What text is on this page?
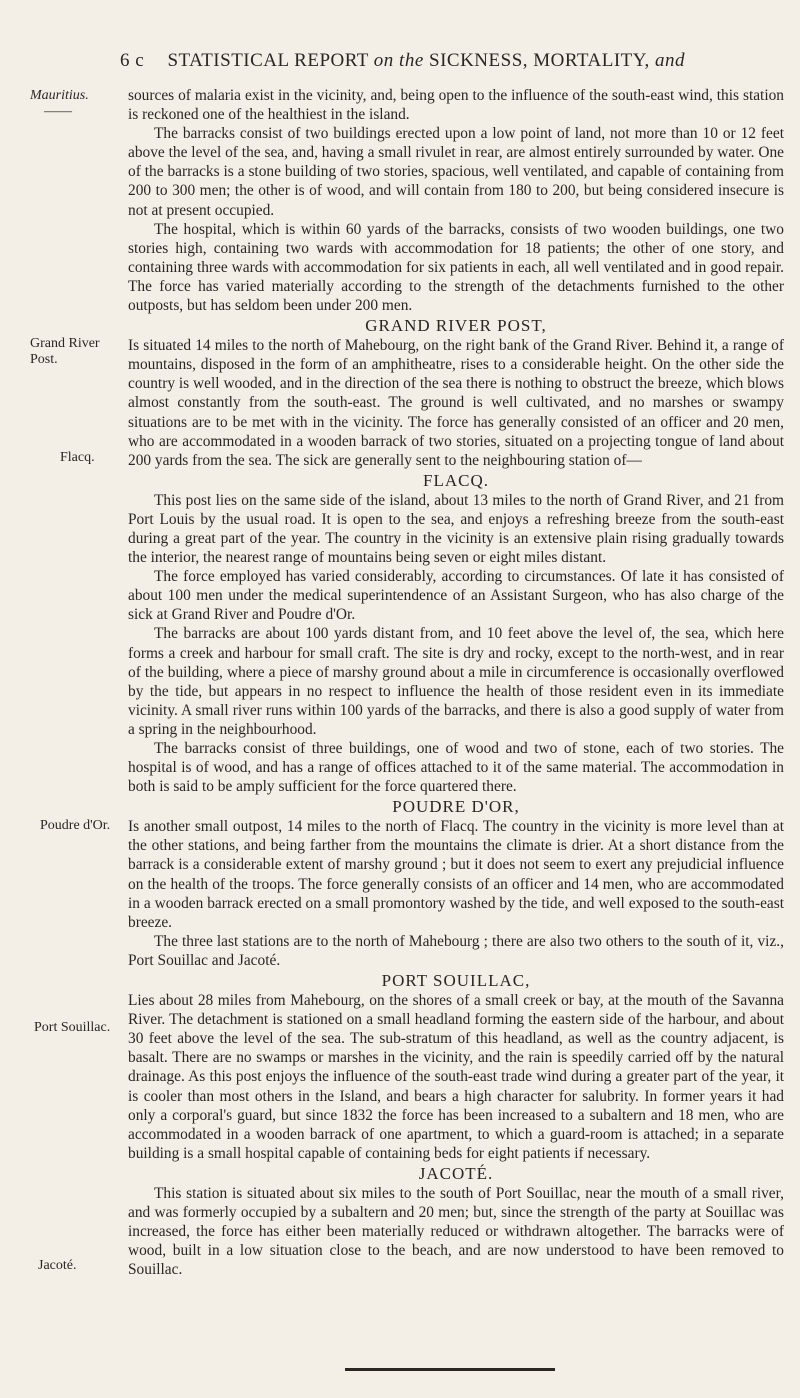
6 c STATISTICAL REPORT on the SICKNESS, MORTALITY, and
Mauritius.
——
Grand River Post.
Flacq.
Poudre d'Or.
Port Souillac.
Jacoté.

sources of malaria exist in the vicinity, and, being open to the influence of the south-east wind, this station is reckoned one of the healthiest in the island.

The barracks consist of two buildings erected upon a low point of land, not more than 10 or 12 feet above the level of the sea, and, having a small rivulet in rear, are almost entirely surrounded by water. One of the barracks is a stone building of two stories, spacious, well ventilated, and capable of containing from 200 to 300 men; the other is of wood, and will contain from 180 to 200, but being considered insecure is not at present occupied.

The hospital, which is within 60 yards of the barracks, consists of two wooden buildings, one two stories high, containing two wards with accommodation for 18 patients; the other of one story, and containing three wards with accommodation for six patients in each, all well ventilated and in good repair. The force has varied materially according to the strength of the detachments furnished to the other outposts, but has seldom been under 200 men.

GRAND RIVER POST,

Is situated 14 miles to the north of Mahebourg, on the right bank of the Grand River. Behind it, a range of mountains, disposed in the form of an amphitheatre, rises to a considerable height. On the other side the country is well wooded, and in the direction of the sea there is nothing to obstruct the breeze, which blows almost constantly from the south-east. The ground is well cultivated, and no marshes or swampy situations are to be met with in the vicinity. The force has generally consisted of an officer and 20 men, who are accommodated in a wooden barrack of two stories, situated on a projecting tongue of land about 200 yards from the sea. The sick are generally sent to the neighbouring station of—

FLACQ.

This post lies on the same side of the island, about 13 miles to the north of Grand River, and 21 from Port Louis by the usual road. It is open to the sea, and enjoys a refreshing breeze from the south-east during a great part of the year. The country in the vicinity is an extensive plain rising gradually towards the interior, the nearest range of mountains being seven or eight miles distant.

The force employed has varied considerably, according to circumstances. Of late it has consisted of about 100 men under the medical superintendence of an Assistant Surgeon, who has also charge of the sick at Grand River and Poudre d'Or.

The barracks are about 100 yards distant from, and 10 feet above the level of, the sea, which here forms a creek and harbour for small craft. The site is dry and rocky, except to the north-west, and in rear of the building, where a piece of marshy ground about a mile in circumference is occasionally overflowed by the tide, but appears in no respect to influence the health of those resident even in its immediate vicinity. A small river runs within 100 yards of the barracks, and there is also a good supply of water from a spring in the neighbourhood.

The barracks consist of three buildings, one of wood and two of stone, each of two stories. The hospital is of wood, and has a range of offices attached to it of the same material. The accommodation in both is said to be amply sufficient for the force quartered there.

POUDRE D'OR,

Is another small outpost, 14 miles to the north of Flacq. The country in the vicinity is more level than at the other stations, and being farther from the mountains the climate is drier. At a short distance from the barrack is a considerable extent of marshy ground ; but it does not seem to exert any prejudicial influence on the health of the troops. The force generally consists of an officer and 14 men, who are accommodated in a wooden barrack erected on a small promontory washed by the tide, and well exposed to the south-east breeze.

The three last stations are to the north of Mahebourg ; there are also two others to the south of it, viz., Port Souillac and Jacoté.

PORT SOUILLAC,

Lies about 28 miles from Mahebourg, on the shores of a small creek or bay, at the mouth of the Savanna River. The detachment is stationed on a small headland forming the eastern side of the harbour, and about 30 feet above the level of the sea. The sub-stratum of this headland, as well as the country adjacent, is basalt. There are no swamps or marshes in the vicinity, and the rain is speedily carried off by the natural drainage. As this post enjoys the influence of the south-east trade wind during a greater part of the year, it is cooler than most others in the Island, and bears a high character for salubrity. In former years it had only a corporal's guard, but since 1832 the force has been increased to a subaltern and 18 men, who are accommodated in a wooden barrack of one apartment, to which a guard-room is attached; in a separate building is a small hospital capable of containing beds for eight patients if necessary.

JACOTÉ.

This station is situated about six miles to the south of Port Souillac, near the mouth of a small river, and was formerly occupied by a subaltern and 20 men; but, since the strength of the party at Souillac was increased, the force has either been materially reduced or withdrawn altogether. The barracks were of wood, built in a low situation close to the beach, and are now understood to have been removed to Souillac.
